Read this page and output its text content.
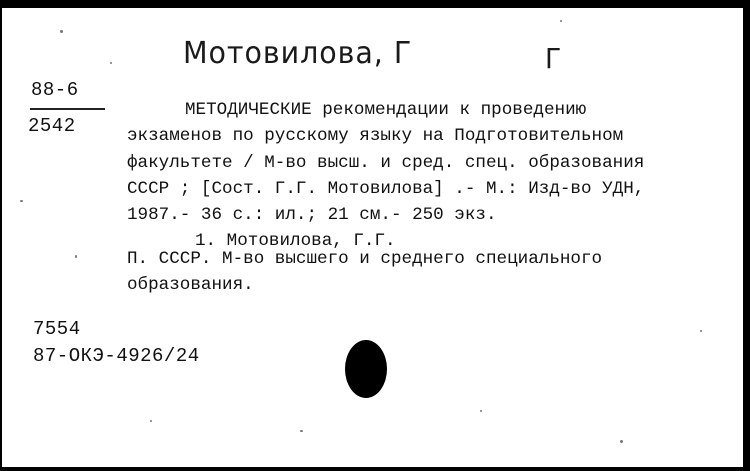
Мотовилова, Г	Г
88-6
2542
МЕТОДИЧЕСКИЕ рекомендации к проведению
экзаменов по русскому языку на Подготовительном
факультете / М-во высш. и сред. спец. образования
СССР ; [Сост. Г.Г. Мотовилова] .- М.: Изд-во УДН,
1987.- 36 с.: ил.; 21 см.- 250 экз.
1. Мотовилова, Г.Г.
П. СССР. М-во высшего и среднего специального
образования.
7554
87-ОКЭ-4926/24
